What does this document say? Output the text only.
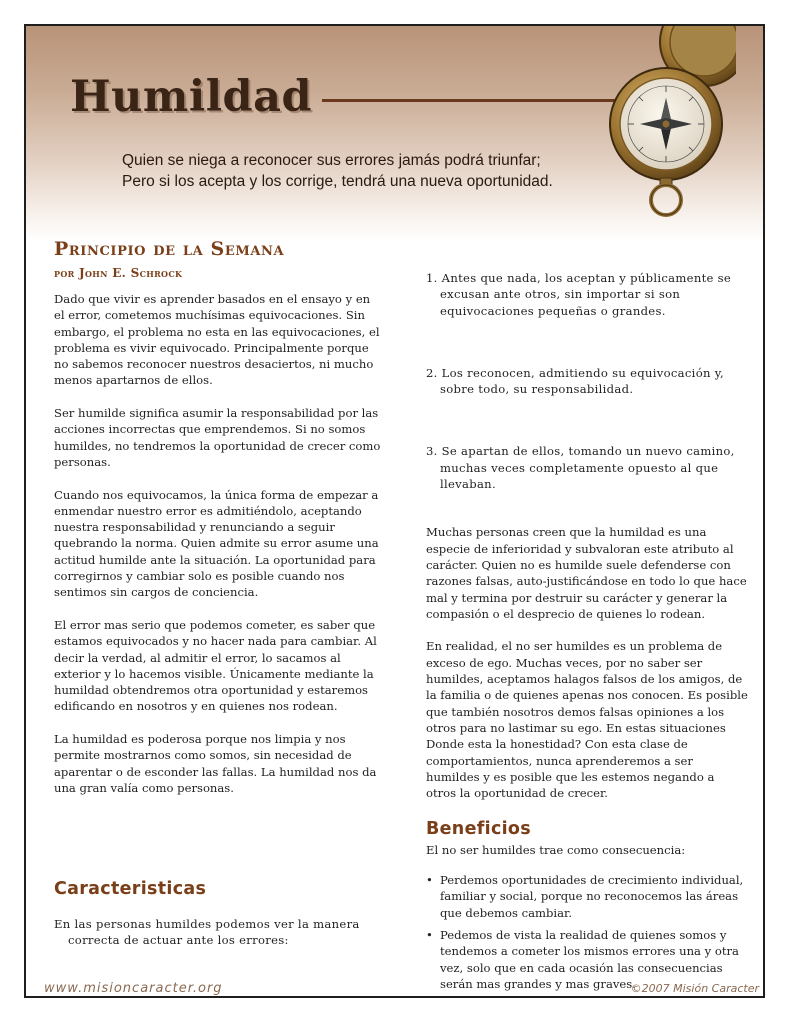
Humildad
Quien se niega a reconocer sus errores jamás podrá triunfar;
Pero si los acepta y los corrige, tendrá una nueva oportunidad.
Principio de la Semana
por John E. Schrock

Dado que vivir es aprender basados en el ensayo y en el error, cometemos muchísimas equivocaciones. Sin embargo, el problema no esta en las equivocaciones, el problema es vivir equivocado. Principalmente porque no sabemos reconocer nuestros desaciertos, ni mucho menos apartarnos de ellos.

Ser humilde significa asumir la responsabilidad por las acciones incorrectas que emprendemos. Si no somos humildes, no tendremos la oportunidad de crecer como personas.

Cuando nos equivocamos, la única forma de empezar a enmendar nuestro error es admitiéndolo, aceptando nuestra responsabilidad y renunciando a seguir quebrando la norma. Quien admite su error asume una actitud humilde ante la situación. La oportunidad para corregirnos y cambiar solo es posible cuando nos sentimos sin cargos de conciencia.

El error mas serio que podemos cometer, es saber que estamos equivocados y no hacer nada para cambiar. Al decir la verdad, al admitir el error, lo sacamos al exterior y lo hacemos visible. Únicamente mediante la humildad obtendremos otra oportunidad y estaremos edificando en nosotros y en quienes nos rodean.

La humildad es poderosa porque nos limpia y nos permite mostrarnos como somos, sin necesidad de aparentar o de esconder las fallas. La humildad nos da una gran valía como personas.

Caracteristicas
En las personas humildes podemos ver la manera correcta de actuar ante los errores:
1. Antes que nada, los aceptan y públicamente se excusan ante otros, sin importar si son equivocaciones pequeñas o grandes.
2. Los reconocen, admitiendo su equivocación y, sobre todo, su responsabilidad.
3. Se apartan de ellos, tomando un nuevo camino, muchas veces completamente opuesto al que llevaban.

Muchas personas creen que la humildad es una especie de inferioridad y subvaloran este atributo al carácter. Quien no es humilde suele defenderse con razones falsas, auto-justificándose en todo lo que hace mal y termina por destruir su carácter y generar la compasión o el desprecio de quienes lo rodean.

En realidad, el no ser humildes es un problema de exceso de ego. Muchas veces, por no saber ser humildes, aceptamos halagos falsos de los amigos, de la familia o de quienes apenas nos conocen. Es posible que también nosotros demos falsas opiniones a los otros para no lastimar su ego. En estas situaciones Donde esta la honestidad? Con esta clase de comportamientos, nunca aprenderemos a ser humildes y es posible que les estemos negando a otros la oportunidad de crecer.

Beneficios

El no ser humildes trae como consecuencia:

• Perdemos oportunidades de crecimiento individual, familiar y social, porque no reconocemos las áreas que debemos cambiar.
• Pedemos de vista la realidad de quienes somos y tendemos a cometer los mismos errores una y otra vez, solo que en cada ocasión las consecuencias serán mas grandes y mas graves.
www.misioncaracter.org	©2007 Misión Caracter
